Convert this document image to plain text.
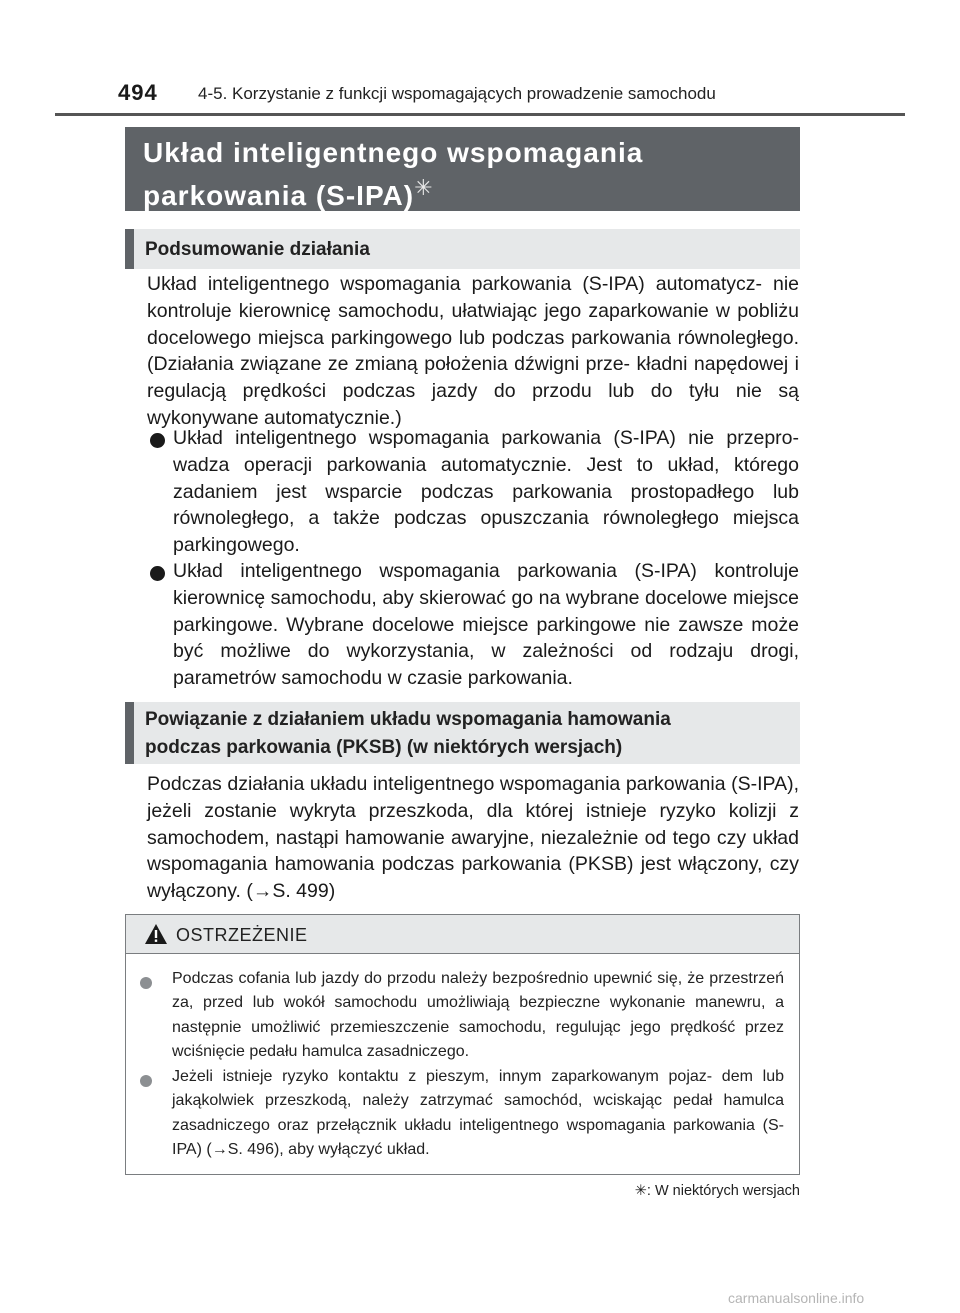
494 4-5. Korzystanie z funkcji wspomagających prowadzenie samochodu
Układ inteligentnego wspomagania
parkowania (S-IPA)✳
Podsumowanie działania

Układ inteligentnego wspomagania parkowania (S-IPA) automatycz- nie kontroluje kierownicę samochodu, ułatwiając jego zaparkowanie w pobliżu docelowego miejsca parkingowego lub podczas parkowania równoległego. (Działania związane ze zmianą położenia dźwigni prze- kładni napędowej i regulacją prędkości podczas jazdy do przodu lub do tyłu nie są wykonywane automatycznie.)

Układ inteligentnego wspomagania parkowania (S-IPA) nie przepro- wadza operacji parkowania automatycznie. Jest to układ, którego zadaniem jest wsparcie podczas parkowania prostopadłego lub równoległego, a także podczas opuszczania równoległego miejsca parkingowego.

Układ inteligentnego wspomagania parkowania (S-IPA) kontroluje kierownicę samochodu, aby skierować go na wybrane docelowe miejsce parkingowe. Wybrane docelowe miejsce parkingowe nie zawsze może być możliwe do wykorzystania, w zależności od rodzaju drogi, parametrów samochodu w czasie parkowania.

Powiązanie z działaniem układu wspomagania hamowania
podczas parkowania (PKSB) (w niektórych wersjach)

Podczas działania układu inteligentnego wspomagania parkowania (S-IPA), jeżeli zostanie wykryta przeszkoda, dla której istnieje ryzyko kolizji z samochodem, nastąpi hamowanie awaryjne, niezależnie od tego czy układ wspomagania hamowania podczas parkowania (PKSB) jest włączony, czy wyłączony. (→S. 499)

OSTRZEŻENIE

Podczas cofania lub jazdy do przodu należy bezpośrednio upewnić się, że przestrzeń za, przed lub wokół samochodu umożliwiają bezpieczne wykonanie manewru, a następnie umożliwić przemieszczenie samochodu, regulując jego prędkość przez wciśnięcie pedału hamulca zasadniczego.

Jeżeli istnieje ryzyko kontaktu z pieszym, innym zaparkowanym pojaz- dem lub jakąkolwiek przeszkodą, należy zatrzymać samochód, wciskając pedał hamulca zasadniczego oraz przełącznik układu inteligentnego wspomagania parkowania (S-IPA) (→S. 496), aby wyłączyć układ.

✳: W niektórych wersjach
carmanualsonline.info
